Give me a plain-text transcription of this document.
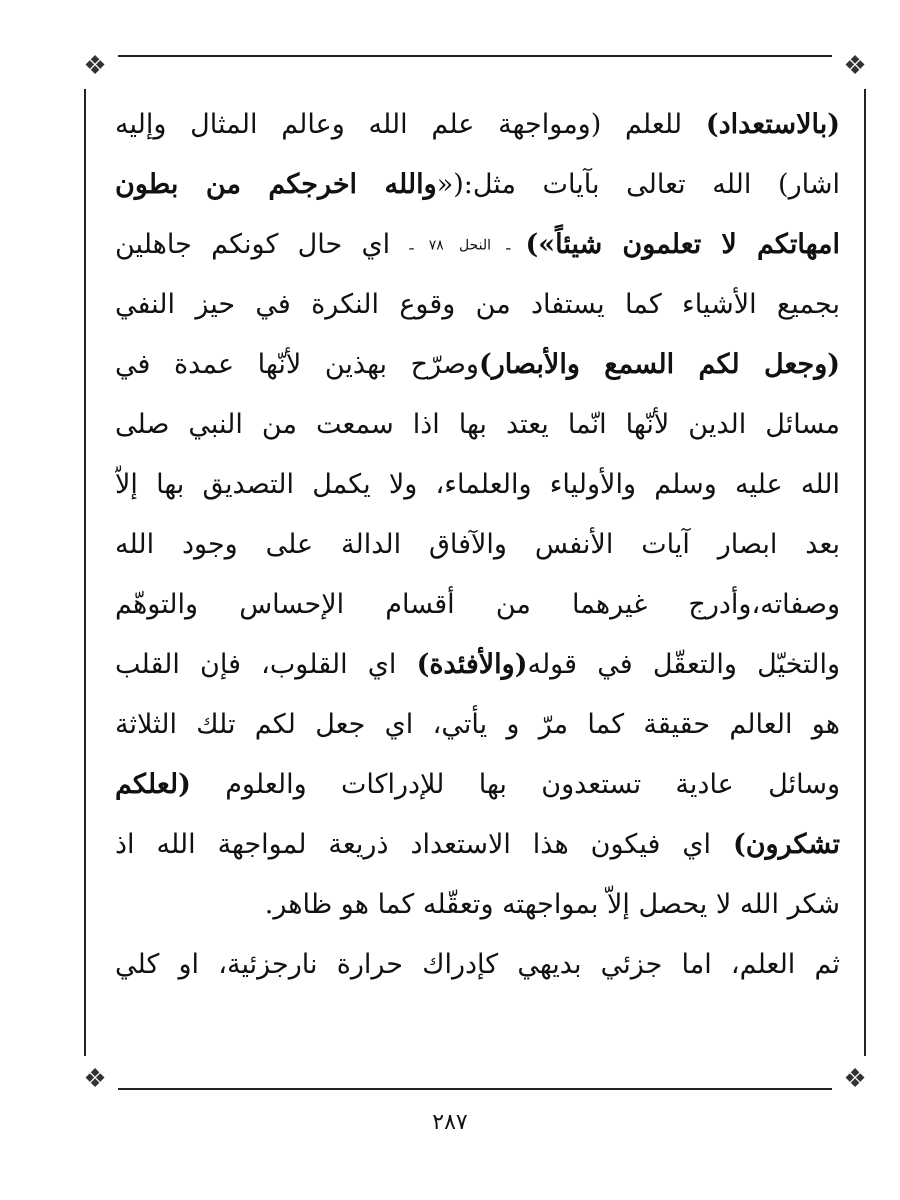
❖	❖
❖	❖
(بالاستعداد) للعلم (ومواجهة علم الله وعالم المثال وإليه
اشار) الله تعالى بآيات مثل:(«والله اخرجكم من بطون
امهاتكم لا تعلمون شيئاً») ـ النحل ٧٨ ـ اي حال كونكم جاهلين
بجميع الأشياء كما يستفاد من وقوع النكرة في حيز النفي
(وجعل لكم السمع والأبصار)وصرّح بهذين لأنّها عمدة في
مسائل الدين لأنّها انّما يعتد بها اذا سمعت من النبي صلى
الله عليه وسلم والأولياء والعلماء، ولا يكمل التصديق بها إلاّ
بعد ابصار آيات الأنفس والآفاق الدالة على وجود الله
وصفاته،وأدرج غيرهما من أقسام الإحساس والتوهّم
والتخيّل والتعقّل في قوله(والأفئدة) اي القلوب، فإن القلب
هو العالم حقيقة كما مرّ و يأتي، اي جعل لكم تلك الثلاثة
وسائل عادية تستعدون بها للإدراكات والعلوم (لعلكم
تشكرون) اي فيكون هذا الاستعداد ذريعة لمواجهة الله اذ
شكر الله لا يحصل إلاّ بمواجهته وتعقّله كما هو ظاهر.
ثم العلم، اما جزئي بديهي كإدراك حرارة نارجزئية، او كلي
٢٨٧
